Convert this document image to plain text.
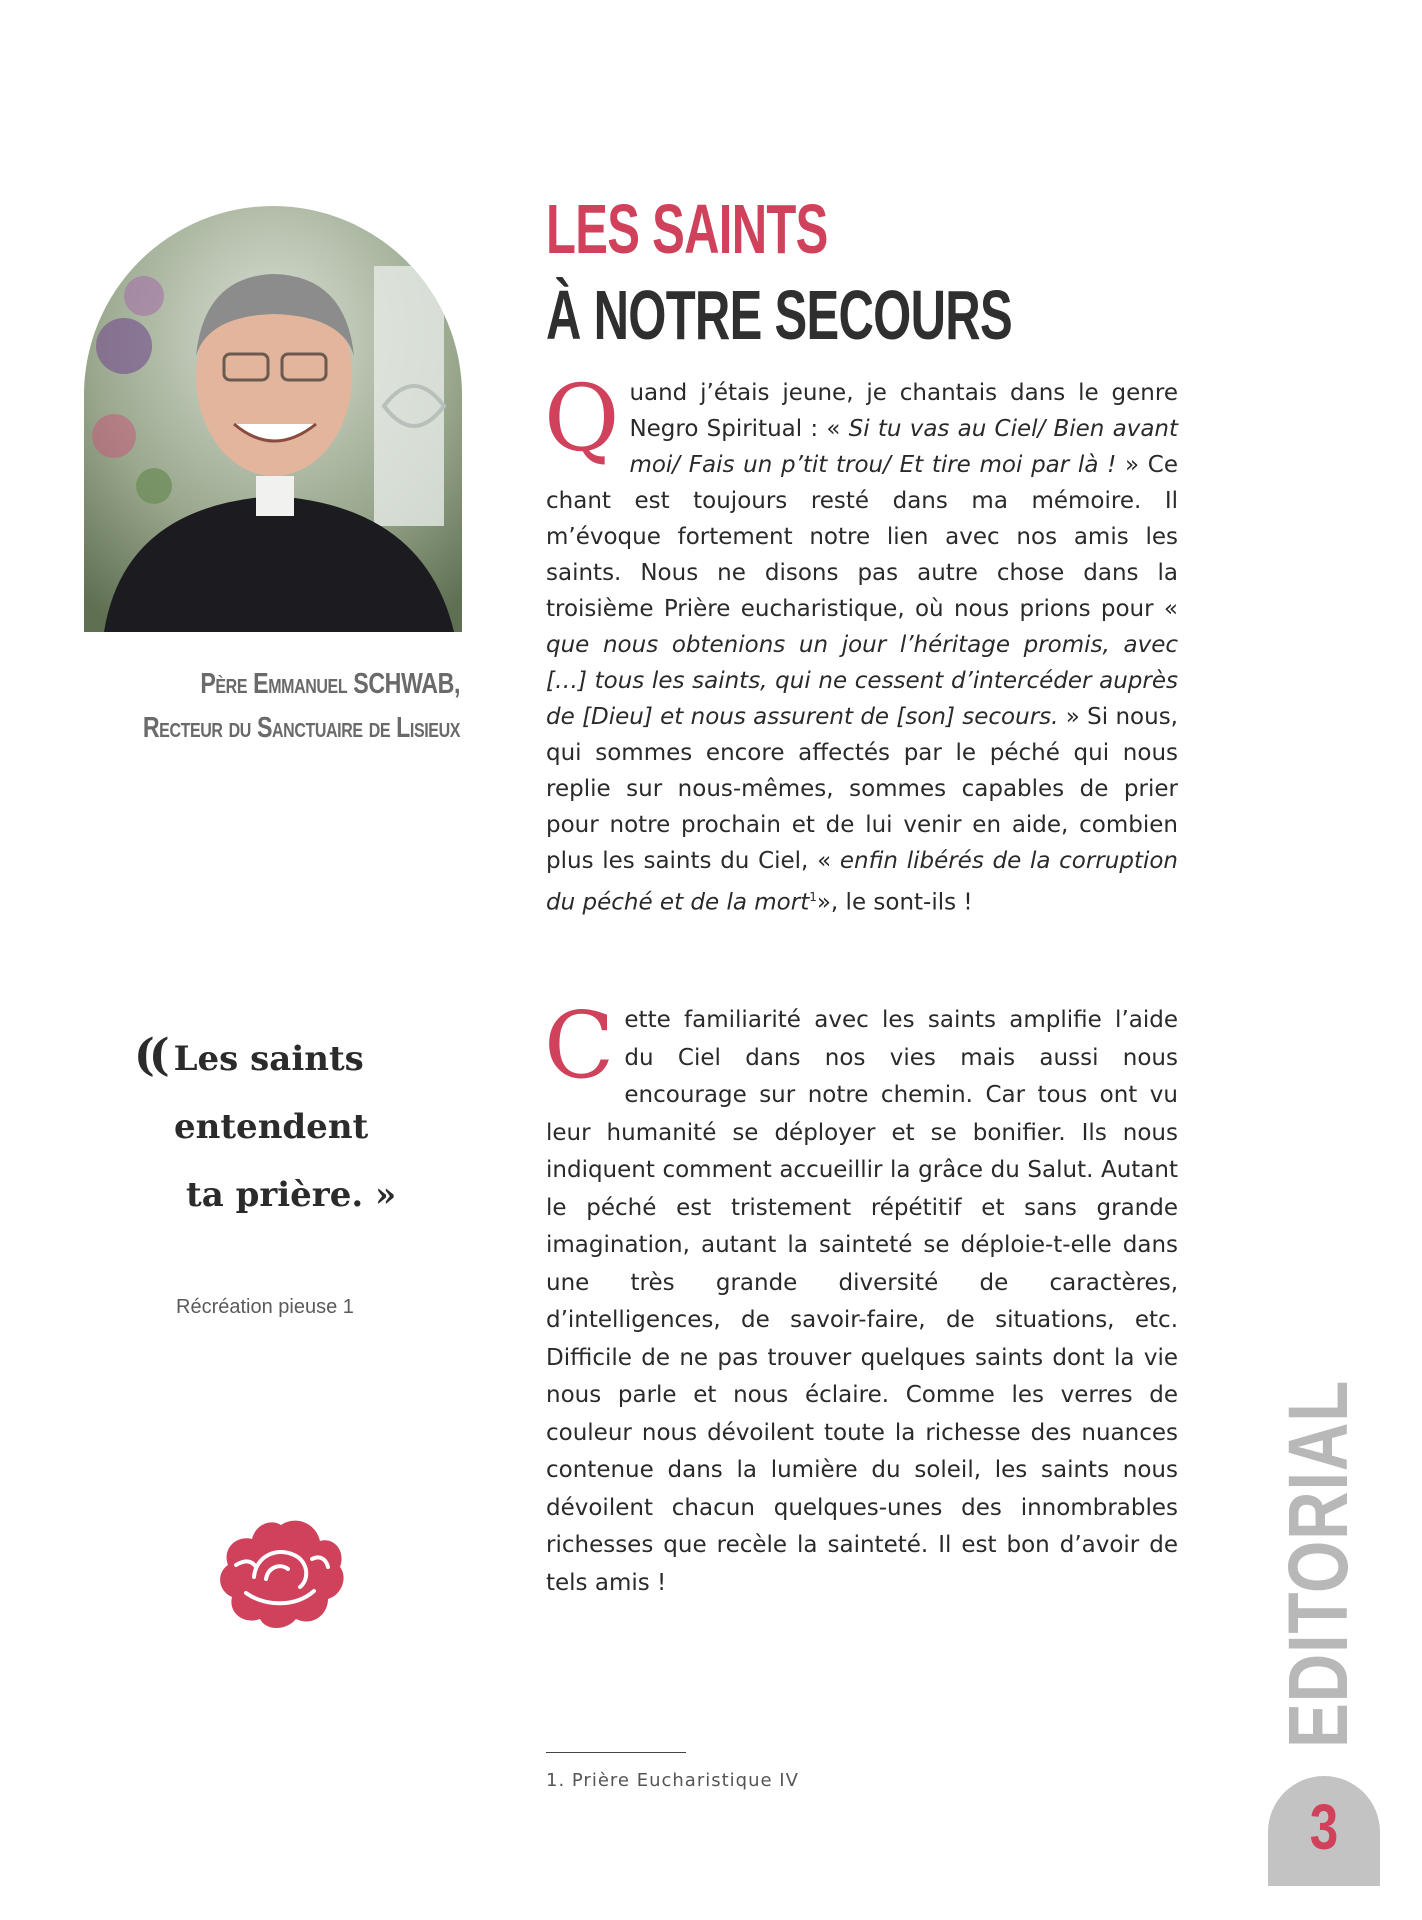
Père Emmanuel SCHWAB,
Recteur du Sanctuaire de Lisieux
LES SAINTS
À NOTRE SECOURS

Quand j’étais jeune, je chantais dans le genre Negro Spiritual : « Si tu vas au Ciel/ Bien avant moi/ Fais un p’tit trou/ Et tire moi par là ! » Ce chant est toujours resté dans ma mémoire. Il m’évoque fortement notre lien avec nos amis les saints. Nous ne disons pas autre chose dans la troisième Prière eucharistique, où nous prions pour « que nous obtenions un jour l’héritage promis, avec […] tous les saints, qui ne cessent d’intercéder auprès de [Dieu] et nous assurent de [son] secours. » Si nous, qui sommes encore affectés par le péché qui nous replie sur nous-mêmes, sommes capables de prier pour notre prochain et de lui venir en aide, combien plus les saints du Ciel, « enfin libérés de la corruption du péché et de la mort$^1$», le sont-ils !

Cette familiarité avec les saints amplifie l’aide du Ciel dans nos vies mais aussi nous encourage sur notre chemin. Car tous ont vu leur humanité se déployer et se bonifier. Ils nous indiquent comment accueillir la grâce du Salut. Autant le péché est tristement répétitif et sans grande imagination, autant la sainteté se déploie-t-elle dans une très grande diversité de caractères, d’intelligences, de savoir-faire, de situations, etc. Difficile de ne pas trouver quelques saints dont la vie nous parle et nous éclaire. Comme les verres de couleur nous dévoilent toute la richesse des nuances contenue dans la lumière du soleil, les saints nous dévoilent chacun quelques-unes des innombrables richesses que recèle la sainteté. Il est bon d’avoir de tels amis !

(( Les saints
entendent
ta prière. »
Récréation pieuse 1
1. Prière Eucharistique IV
EDITORIAL
3
